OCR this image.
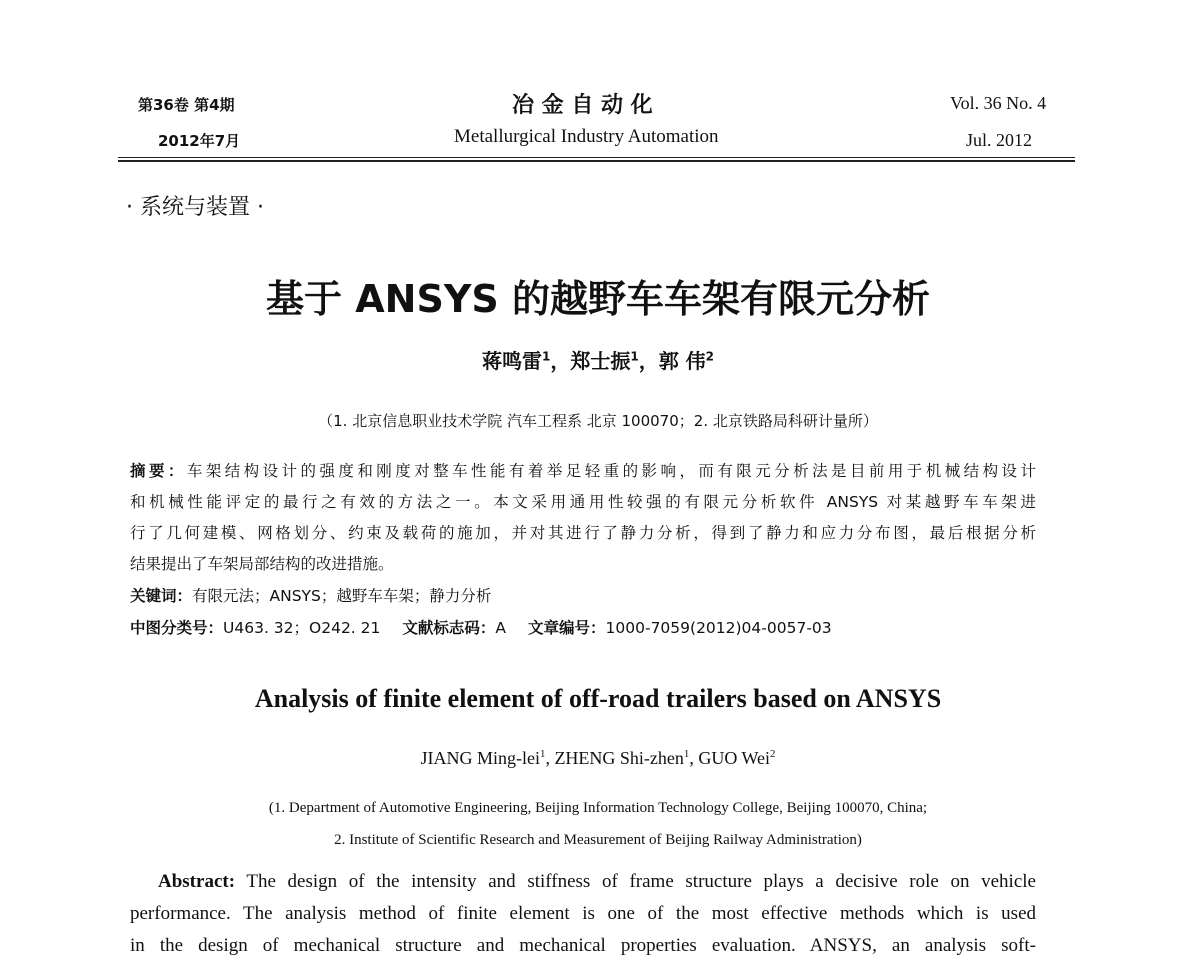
第36卷 第4期
2012年7月
冶 金 自 动 化
Metallurgical Industry Automation
Vol. 36 No. 4
Jul. 2012
· 系统与装置 ·
基于 ANSYS 的越野车车架有限元分析
蒋鸣雷$^1$，郑士振$^1$，郭 伟$^2$
（1. 北京信息职业技术学院 汽车工程系 北京 100070；2. 北京铁路局科研计量所）
摘要：车架结构设计的强度和刚度对整车性能有着举足轻重的影响，而有限元分析法是目前用于机械结构设计
和机械性能评定的最行之有效的方法之一。本文采用通用性较强的有限元分析软件 ANSYS 对某越野车车架进
行了几何建模、网格划分、约束及载荷的施加，并对其进行了静力分析，得到了静力和应力分布图，最后根据分析
结果提出了车架局部结构的改进措施。
关键词：有限元法；ANSYS；越野车车架；静力分析
中图分类号：U463. 32；O242. 21 文献标志码：A 文章编号：1000-7059(2012)04-0057-03
Analysis of finite element of off-road trailers based on ANSYS
JIANG Ming-lei$^1$, ZHENG Shi-zhen$^1$, GUO Wei$^2$
(1. Department of Automotive Engineering, Beijing Information Technology College, Beijing 100070, China;
2. Institute of Scientific Research and Measurement of Beijing Railway Administration)
Abstract: The design of the intensity and stiffness of frame structure plays a decisive role on vehicle
performance. The analysis method of finite element is one of the most effective methods which is used
in the design of mechanical structure and mechanical properties evaluation. ANSYS, an analysis soft-
